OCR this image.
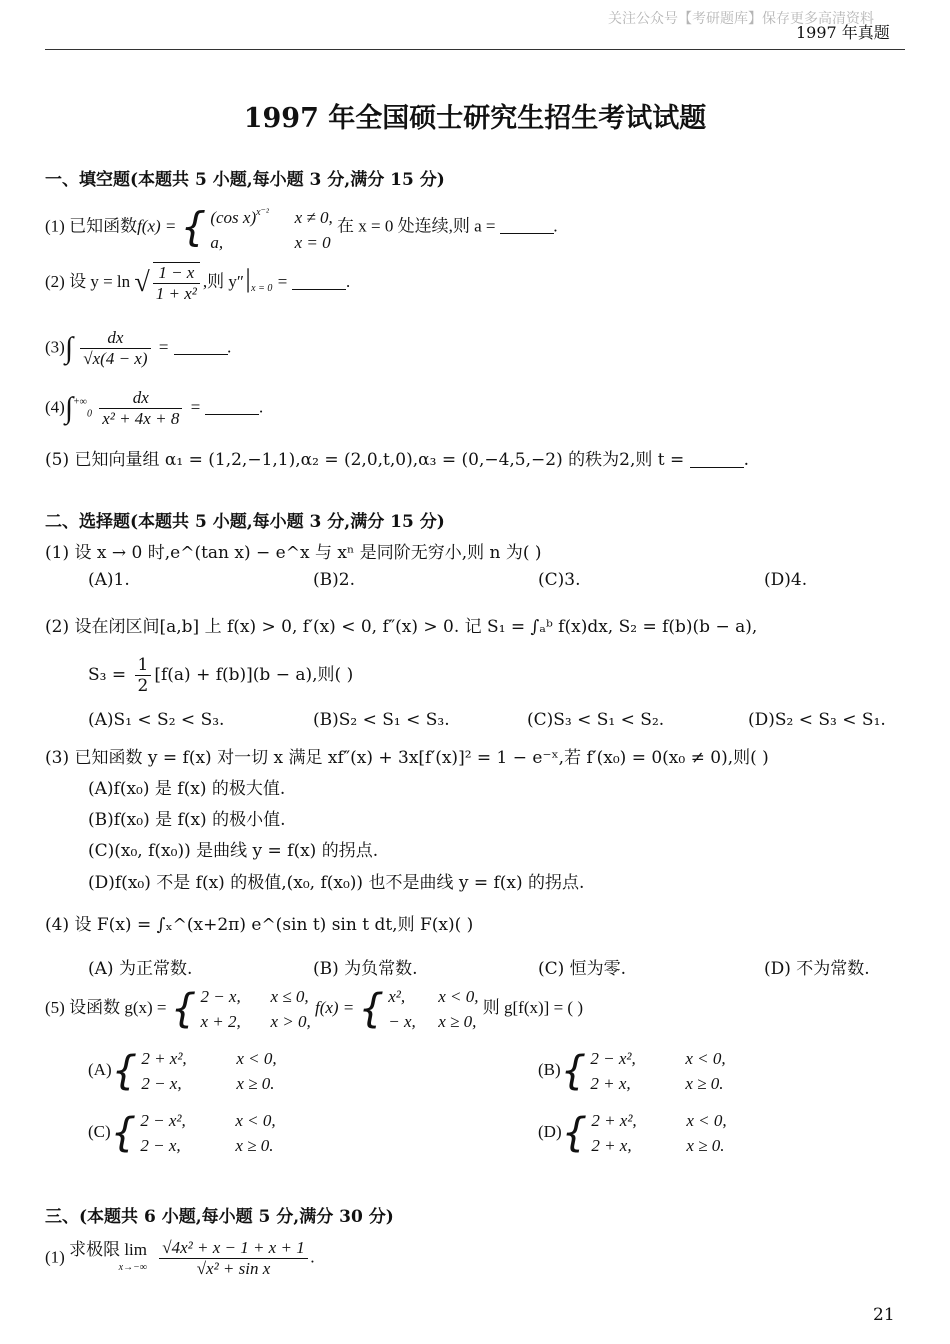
关注公众号【考研题库】保存更多高清资料
1997 年真题
1997 年全国硕士研究生招生考试试题
一、填空题(本题共 5 小题,每小题 3 分,满分 15 分)
(1) 已知函数f(x) = { (cos x)$^{x^{-2}}$ x ≠ 0,
a,	x = 0
在 x = 0 处连续,则 a =	.
(2) 设 y = ln √ $\frac{1 - x}{\text{1 + x²}}$ ,则 $y''|_{x = 0}$ =	.
$(3)\int \frac{dx}{√x(4 - x)}$ =	.
$(4)\int^{+\infty}_0 \frac{dx}{\text{x² + 4x + 8}}$ =	.
(5) 已知向量组 α₁ = (1,2,−1,1),α₂ = (2,0,t,0),α₃ = (0,−4,5,−2) 的秩为2,则 t =	.
二、选择题(本题共 5 小题,每小题 3 分,满分 15 分)
(1) 设 x → 0 时,e^(tan x) − e^x 与 xⁿ 是同阶无穷小,则 n 为( )
(A)1.	(B)2.	(C)3.	(D)4.
(2) 设在闭区间[a,b] 上 f(x) > 0, f′(x) < 0, f″(x) > 0. 记 S₁ = ∫ₐᵇ f(x)dx, S₂ = f(b)(b − a),
$S_3 = \frac{1}{2} [f(a) + f(b)](b - a)$,则( )
(A)S₁ < S₂ < S₃.	(B)S₂ < S₁ < S₃.	(C)S₃ < S₁ < S₂.	(D)S₂ < S₃ < S₁.
(3) 已知函数 y = f(x) 对一切 x 满足 xf″(x) + 3x[f′(x)]² = 1 − e⁻ˣ,若 f′(x₀) = 0(x₀ ≠ 0),则( )
(A)f(x₀) 是 f(x) 的极大值.
(B)f(x₀) 是 f(x) 的极小值.
(C)(x₀, f(x₀)) 是曲线 y = f(x) 的拐点.
(D)f(x₀) 不是 f(x) 的极值,(x₀, f(x₀)) 也不是曲线 y = f(x) 的拐点.
(4) 设 F(x) = ∫ₓ^(x+2π) e^(sin t) sin t dt,则 F(x)( )
(A) 为正常数.	(B) 为负常数.	(C) 恒为零.	(D) 不为常数.
(5) 设函数 g(x) = { 2 − x, x ≤ 0,
x + 2, x > 0,
f(x) = { x², x < 0,
− x, x ≥ 0,
则 g[f(x)] = ( )
(A){ 2 + x²,	x < 0,
2 − x,	x ≥ 0.
(B){ 2 − x²,	x < 0,
2 + x,	x ≥ 0.
(C){ 2 − x²,	x < 0,
2 − x,	x ≥ 0.
(D){ 2 + x²,	x < 0,
2 + x,	x ≥ 0.
三、(本题共 6 小题,每小题 5 分,满分 30 分)
(1) 求极限 lim
x→−∞
$\frac{\text{√4x² + x − 1 + x + 1}}{\text{√x² + sin x}}$ .
21
